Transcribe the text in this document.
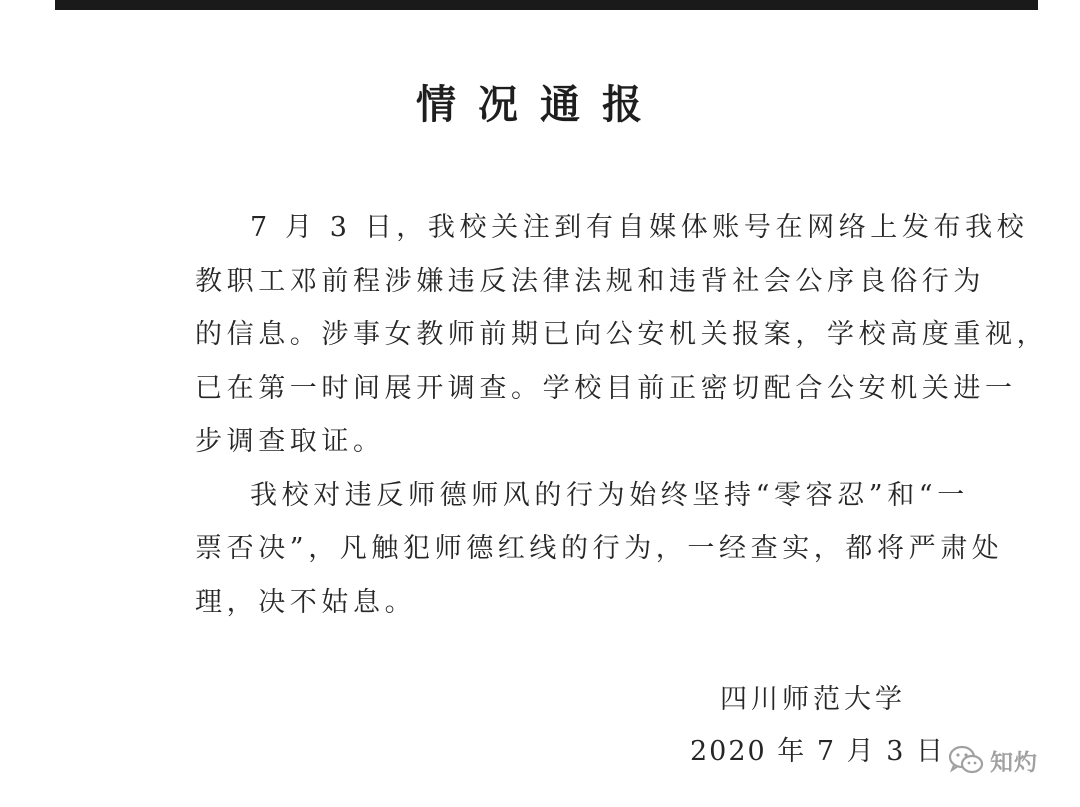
情况通报
7 月 3 日，我校关注到有自媒体账号在网络上发布我校
教职工邓前程涉嫌违反法律法规和违背社会公序良俗行为
的信息。涉事女教师前期已向公安机关报案，学校高度重视，
已在第一时间展开调查。学校目前正密切配合公安机关进一
步调查取证。
我校对违反师德师风的行为始终坚持“零容忍”和“一
票否决”，凡触犯师德红线的行为，一经查实，都将严肃处
理，决不姑息。
四川师范大学
2020 年 7 月 3 日 知灼
